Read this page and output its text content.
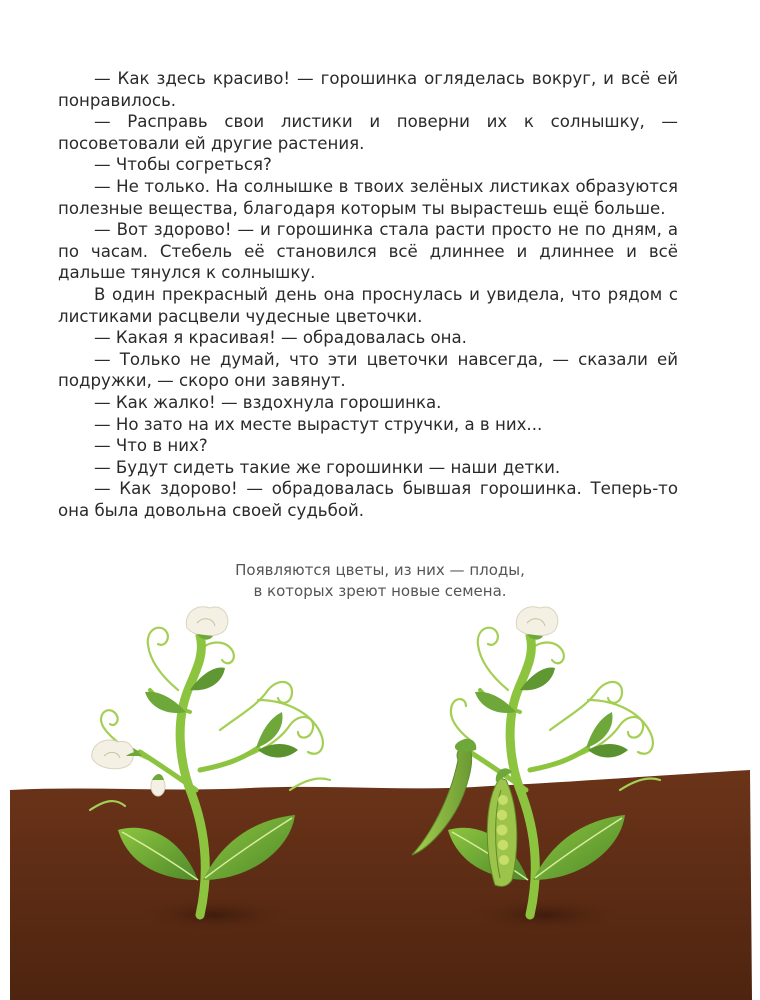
— Как здесь красиво! — горошинка огляделась вокруг, и всё ей понравилось.

— Расправь свои листики и поверни их к солнышку, — посоветовали ей другие растения.

— Чтобы согреться?

— Не только. На солнышке в твоих зелёных листиках образуются полезные вещества, благодаря которым ты вырастешь ещё больше.

— Вот здорово! — и горошинка стала расти просто не по дням, а по часам. Стебель её становился всё длиннее и длиннее и всё дальше тянулся к солнышку.

В один прекрасный день она проснулась и увидела, что рядом с листиками расцвели чудесные цветочки.

— Какая я красивая! — обрадовалась она.

— Только не думай, что эти цветочки навсегда, — сказали ей подружки, — скоро они завянут.

— Как жалко! — вздохнула горошинка.

— Но зато на их месте вырастут стручки, а в них...

— Что в них?

— Будут сидеть такие же горошинки — наши детки.

— Как здорово! — обрадовалась бывшая горошинка. Теперь-то она была довольна своей судьбой.

Появляются цветы, из них — плоды,
в которых зреют новые семена.
